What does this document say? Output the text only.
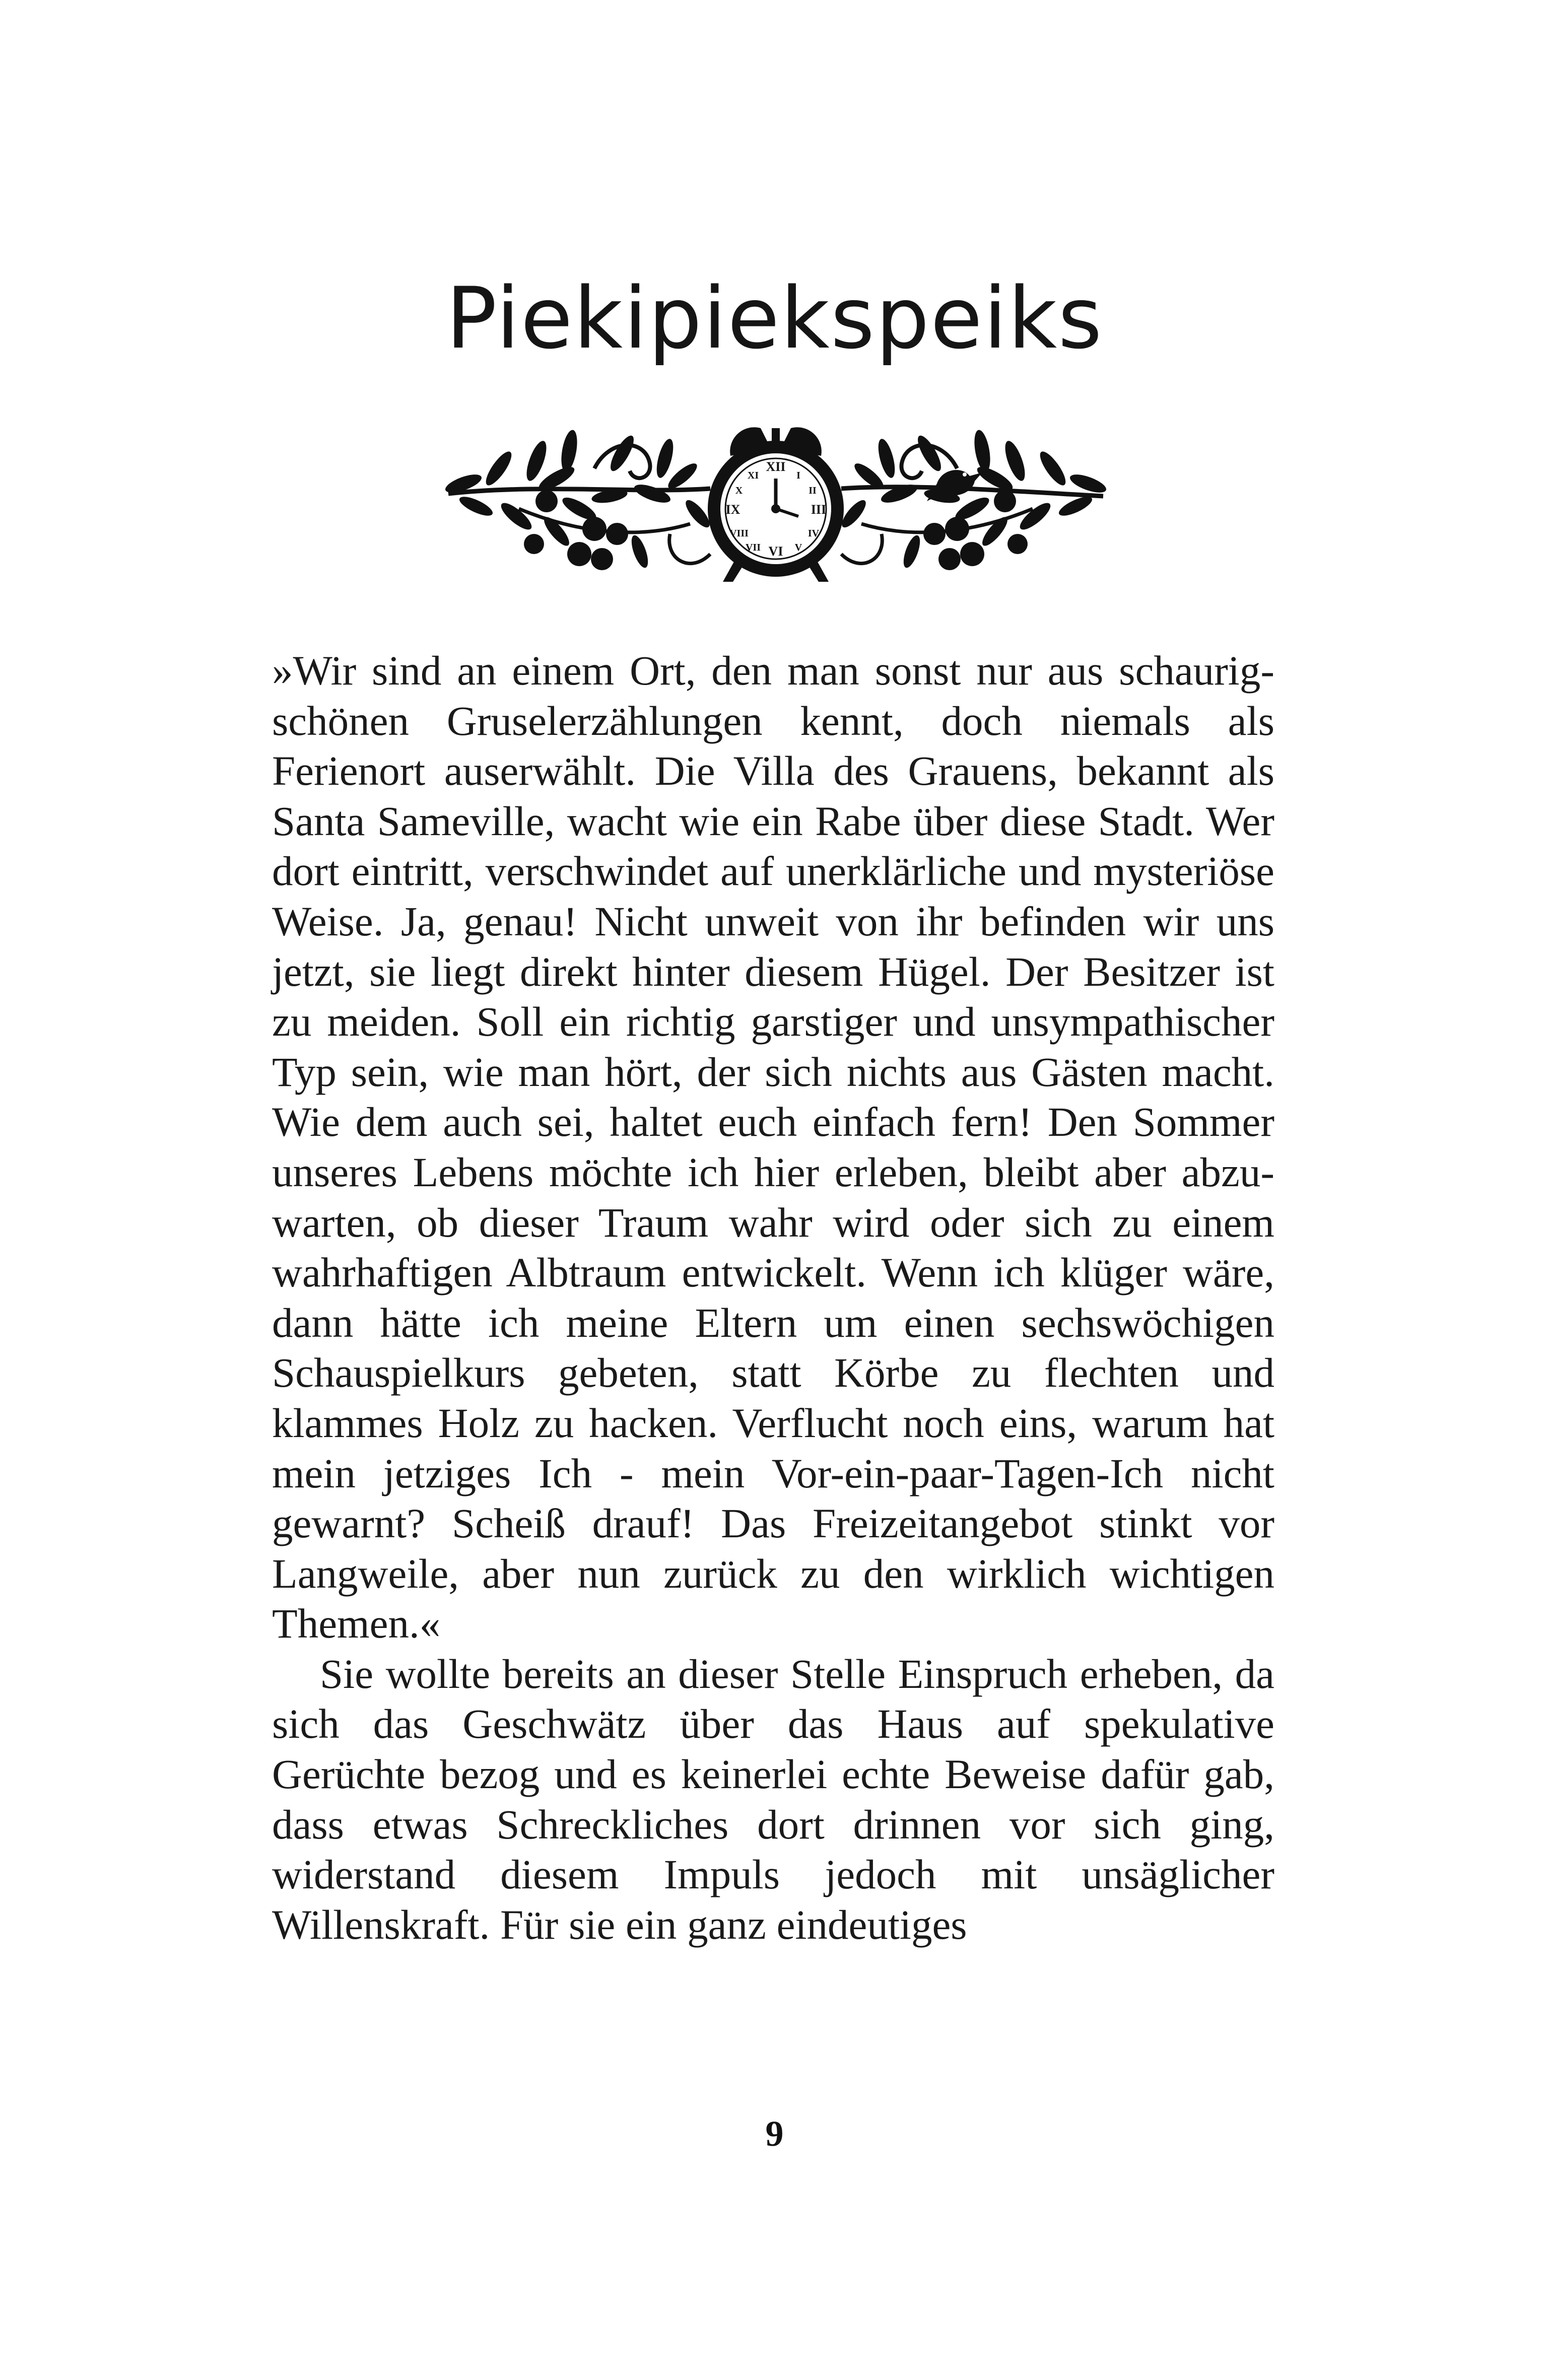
Piekipiekspeiks
XII
III
VI
IX
I
II
IV
V
VII
VIII
X
XI

»Wir sind an einem Ort, den man sonst nur aus schaurig-schönen Gruselerzählungen kennt, doch niemals als Ferienort auserwählt. Die Villa des Grauens, bekannt als Santa Sameville, wacht wie ein Rabe über diese Stadt. Wer dort eintritt, verschwindet auf unerklärliche und mysteriöse Weise. Ja, genau! Nicht unweit von ihr befinden wir uns jetzt, sie liegt direkt hinter diesem Hügel. Der Besitzer ist zu meiden. Soll ein richtig garstiger und unsympathischer Typ sein, wie man hört, der sich nichts aus Gästen macht. Wie dem auch sei, haltet euch einfach fern! Den Sommer unseres Lebens möchte ich hier erleben, bleibt aber abzuwarten, ob dieser Traum wahr wird oder sich zu einem wahrhaftigen Albtraum entwickelt. Wenn ich klüger wäre, dann hätte ich meine Eltern um einen sechswöchigen Schauspielkurs gebeten, statt Körbe zu flechten und klammes Holz zu hacken. Verflucht noch eins, warum hat mein jetziges Ich - mein Vor-ein-paar-Tagen-Ich nicht gewarnt? Scheiß drauf! Das Freizeitangebot stinkt vor Langweile, aber nun zurück zu den wirklich wichtigen Themen.«

Sie wollte bereits an dieser Stelle Einspruch erheben, da sich das Geschwätz über das Haus auf spekulative Gerüchte bezog und es keinerlei echte Beweise dafür gab, dass etwas Schreckliches dort drinnen vor sich ging, widerstand diesem Impuls jedoch mit unsäglicher Willenskraft. Für sie ein ganz eindeutiges

9
